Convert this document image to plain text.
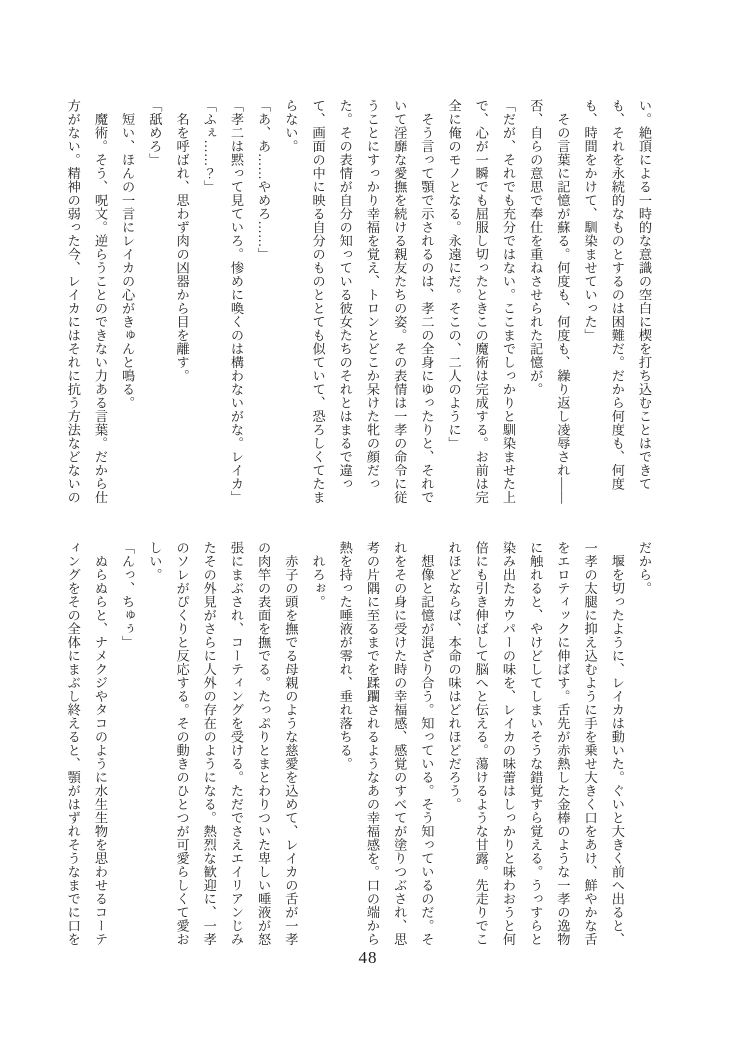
い。絶頂による一時的な意識の空白に楔を打ち込むことはできて
も、それを永続的なものとするのは困難だ。だから何度も、何度
も、時間をかけて、馴染ませていった」
　その言葉に記憶が蘇る。何度も、何度も、繰り返し凌辱され――
否、自らの意思で奉仕を重ねさせられた記憶が。
「だが、それでも充分ではない。ここまでしっかりと馴染ませた上
で、心が一瞬でも屈服し切ったときこの魔術は完成する。お前は完
全に俺のモノとなる。永遠にだ。そこの、二人のように」
　そう言って顎で示されるのは、孝二の全身にゆったりと、それで
いて淫靡な愛撫を続ける親友たちの姿。その表情は一孝の命令に従
うことにすっかり幸福を覚え、トロンとどこか呆けた牝の顔だっ
た。その表情が自分の知っている彼女たちのそれとはまるで違っ
て、画面の中に映る自分のものととても似ていて、恐ろしくてたま
らない。
「あ、あ……やめろ……」
「孝二は黙って見ていろ。惨めに喚くのは構わないがな。レイカ」
「ふぇ……？」
　名を呼ばれ、思わず肉の凶器から目を離す。
「舐めろ」
　短い、ほんの一言にレイカの心がきゅんと鳴る。
　魔術。そう、呪文。逆らうことのできない力ある言葉。だから仕
方がない。精神の弱った今、レイカにはそれに抗う方法などないの
だから。
　堰を切ったように、レイカは動いた。ぐいと大きく前へ出ると、
一孝の太腿に抑え込むように手を乗せ大きく口をあけ、鮮やかな舌
をエロティックに伸ばす。舌先が赤熱した金棒のような一孝の逸物
に触れると、やけどしてしまいそうな錯覚すら覚える。うっすらと
染み出たカウパーの味を、レイカの味蕾はしっかりと味わおうと何
倍にも引き伸ばして脳へと伝える。蕩けるような甘露。先走りでこ
れほどならば、本命の味はどれほどだろう。
　想像と記憶が混ざり合う。知っている。そう知っているのだ。そ
れをその身に受けた時の幸福感、感覚のすべてが塗りつぶされ、思
考の片隅に至るまでを蹂躙されるようなあの幸福感を。口の端から
熱を持った唾液が零れ、垂れ落ちる。
　れろぉ。
　赤子の頭を撫でる母親のような慈愛を込めて、レイカの舌が一孝
の肉竿の表面を撫でる。たっぷりとまとわりついた卑しい唾液が怒
張にまぶされ、コーティングを受ける。ただでさえエイリアンじみ
たその外見がさらに人外の存在のようになる。熱烈な歓迎に、一孝
のソレがぴくりと反応する。その動きのひとつが可愛らしくて愛お
しい。
「んっ、ちゅぅ」
　ぬらぬらと、ナメクジやタコのように水生生物を思わせるコーテ
ィングをその全体にまぶし終えると、顎がはずれそうなまでに口を
48
